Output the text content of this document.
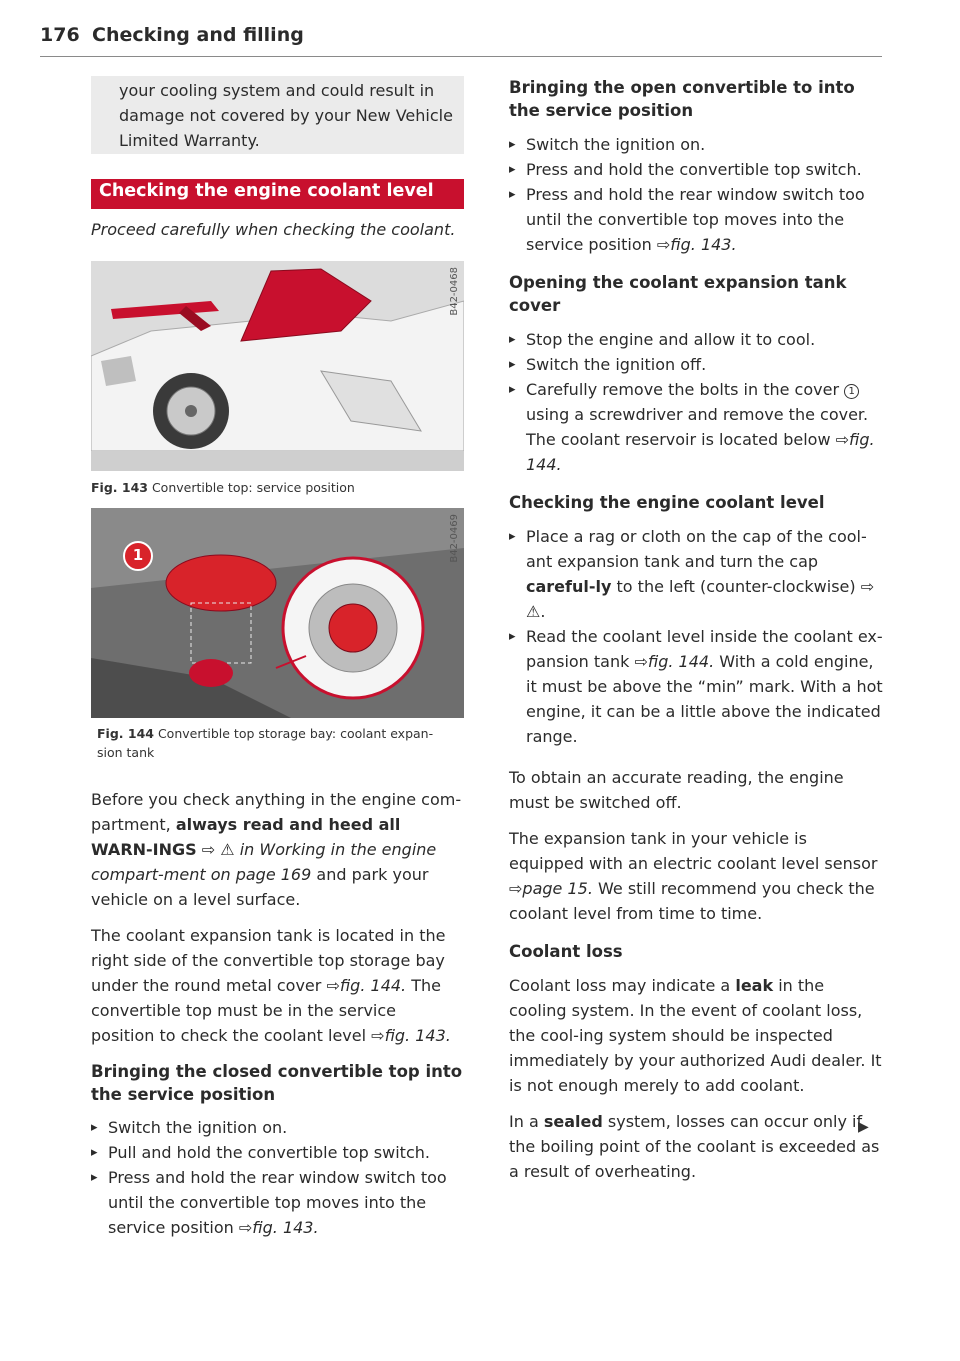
176 Checking and filling

your cooling system and could result in damage not covered by your New Vehicle Limited Warranty.

Checking the engine coolant level
Proceed carefully when checking the coolant.
B42-0468
Fig. 143 Convertible top: service position
1	B42-0469
Fig. 144 Convertible top storage bay: coolant expan-sion tank

Before you check anything in the engine com-partment, always read and heed all WARN-INGS ⇨ ⚠ in Working in the engine compart-ment on page 169 and park your vehicle on a level surface.

The coolant expansion tank is located in the right side of the convertible top storage bay under the round metal cover ⇨fig. 144. The convertible top must be in the service position to check the coolant level ⇨fig. 143.

Bringing the closed convertible top into the service position
▸ Switch the ignition on.
▸ Pull and hold the convertible top switch.
▸ Press and hold the rear window switch too until the convertible top moves into the service position ⇨fig. 143.
Bringing the open convertible to into the service position
▸ Switch the ignition on.
▸ Press and hold the convertible top switch.
▸ Press and hold the rear window switch too until the convertible top moves into the service position ⇨fig. 143.
Opening the coolant expansion tank cover
▸ Stop the engine and allow it to cool.
▸ Switch the ignition off.
▸ Carefully remove the bolts in the cover 1 using a screwdriver and remove the cover. The coolant reservoir is located below ⇨fig. 144.
Checking the engine coolant level
▸ Place a rag or cloth on the cap of the cool-ant expansion tank and turn the cap careful-ly to the left (counter-clockwise) ⇨ ⚠.
▸ Read the coolant level inside the coolant ex-pansion tank ⇨fig. 144. With a cold engine, it must be above the “min” mark. With a hot engine, it can be a little above the indicated range.

To obtain an accurate reading, the engine must be switched off.

The expansion tank in your vehicle is equipped with an electric coolant level sensor ⇨page 15. We still recommend you check the coolant level from time to time.

Coolant loss

Coolant loss may indicate a leak in the cooling system. In the event of coolant loss, the cool-ing system should be inspected immediately by your authorized Audi dealer. It is not enough merely to add coolant.

In a sealed system, losses can occur only if the boiling point of the coolant is exceeded as a result of overheating.

▶
